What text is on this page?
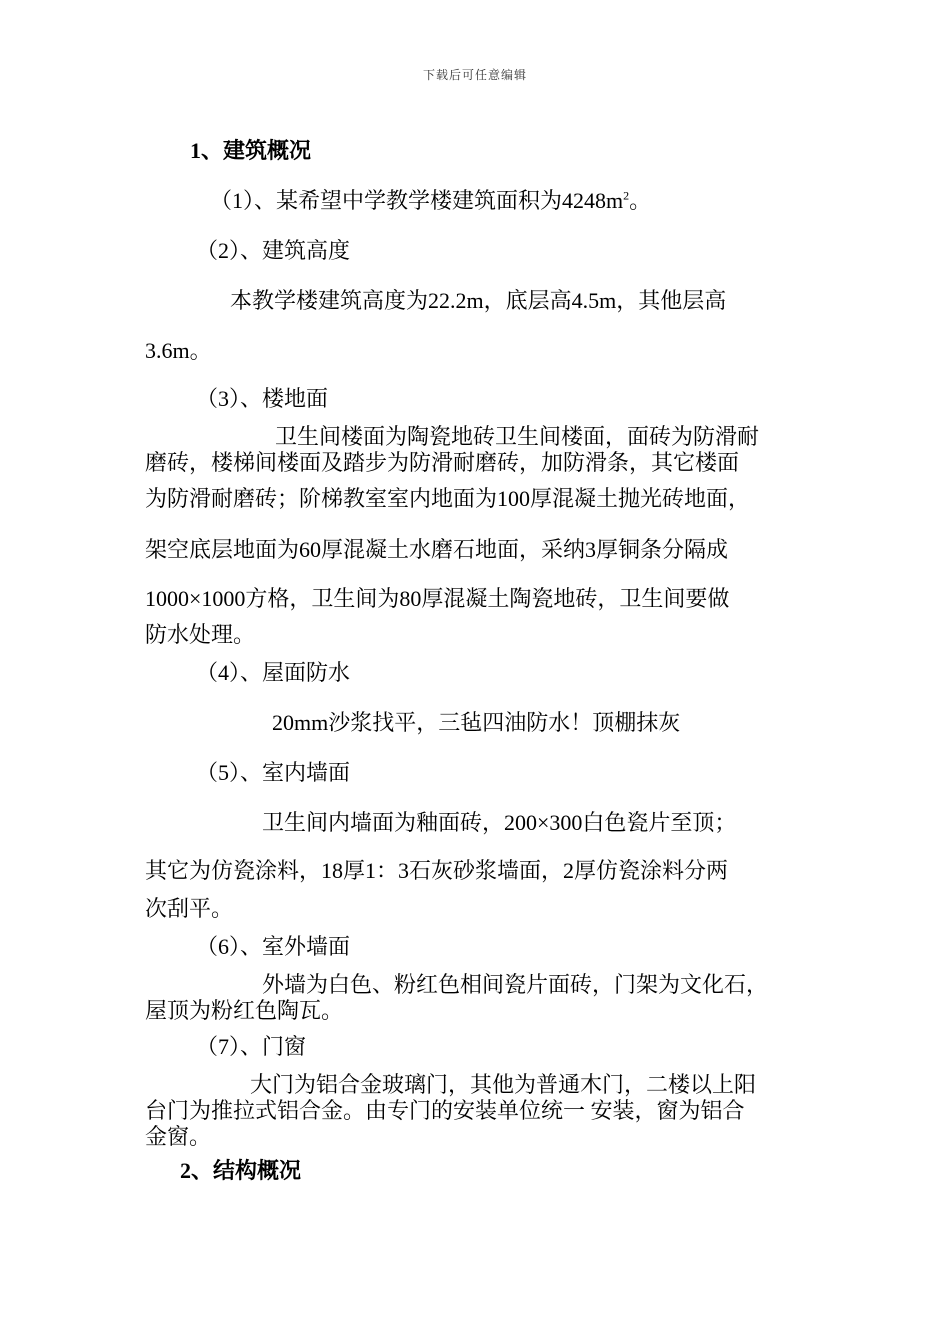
下载后可任意编辑
1、建筑概况
（1）、某希望中学教学楼建筑面积为$4248m^2$。
（2）、建筑高度
本教学楼建筑高度为22.2m，底层高4.5m，其他层高
3.6m。
（3）、楼地面
卫生间楼面为陶瓷地砖卫生间楼面，面砖为防滑耐
磨砖，楼梯间楼面及踏步为防滑耐磨砖，加防滑条，其它楼面
为防滑耐磨砖；阶梯教室室内地面为100厚混凝土抛光砖地面，
架空底层地面为60厚混凝土水磨石地面，采纳3厚铜条分隔成
1000×1000方格，卫生间为80厚混凝土陶瓷地砖，卫生间要做
防水处理。
（4）、屋面防水
20mm沙浆找平，三毡四油防水！顶棚抹灰
（5）、室内墙面
卫生间内墙面为釉面砖，200×300白色瓷片至顶；
其它为仿瓷涂料，18厚1：3石灰砂浆墙面，2厚仿瓷涂料分两
次刮平。
（6）、室外墙面
外墙为白色、粉红色相间瓷片面砖，门架为文化石，
屋顶为粉红色陶瓦。
（7）、门窗
大门为铝合金玻璃门，其他为普通木门，二楼以上阳
台门为推拉式铝合金。由专门的安装单位统一 安装，窗为铝合
金窗。
2、结构概况
